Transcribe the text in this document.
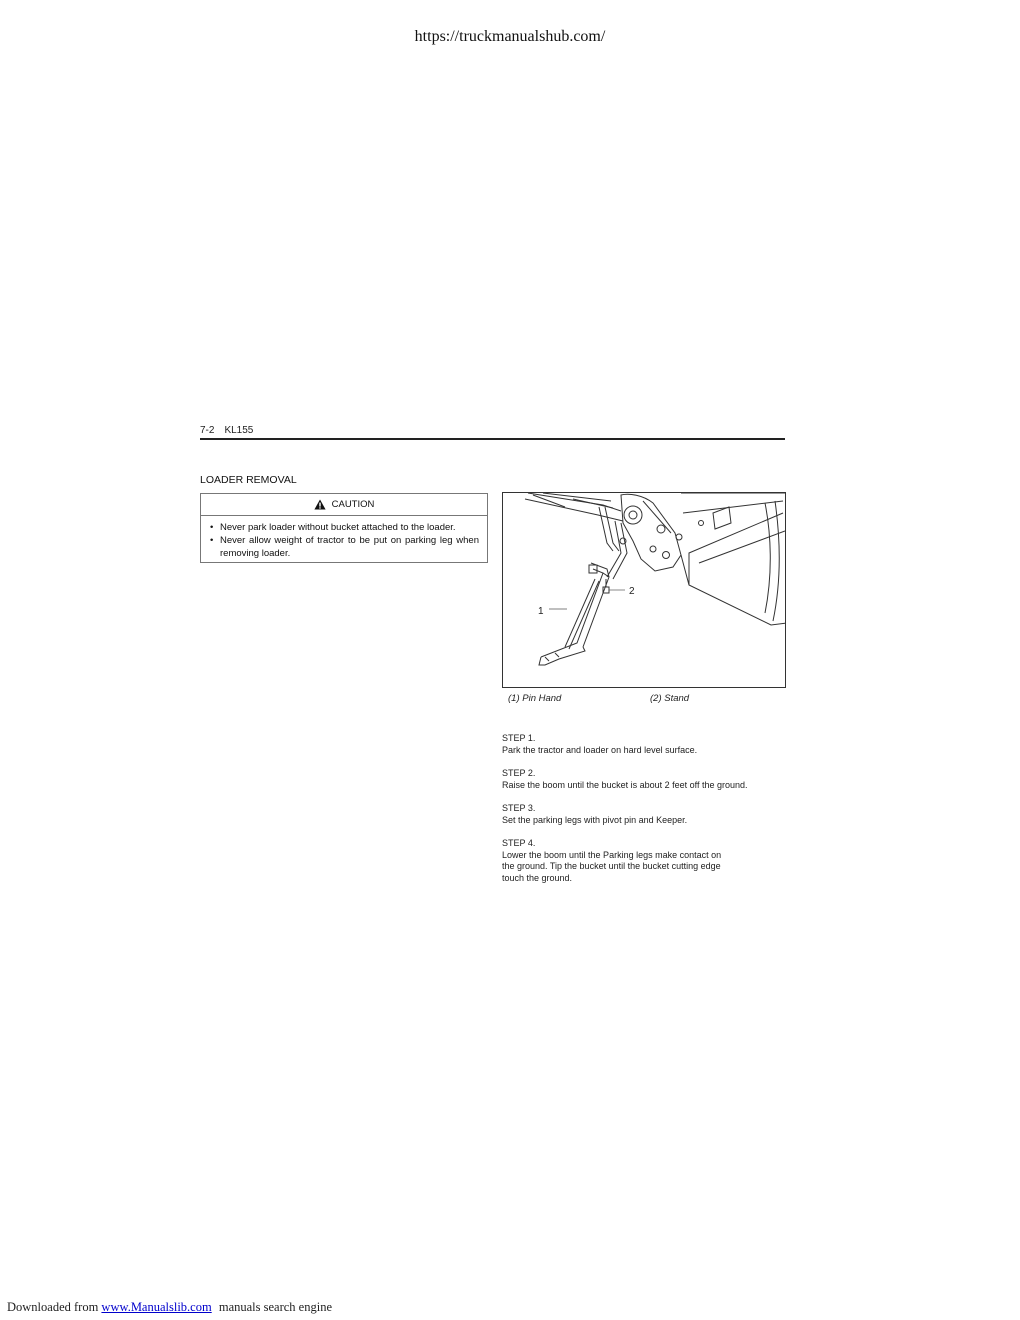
https://truckmanualshub.com/
7-2 KL155
LOADER REMOVAL
CAUTION
• Never park loader without bucket attached to the loader.
• Never allow weight of tractor to be put on parking leg when removing loader.
2
1
(1) Pin Hand	(2) Stand
STEP 1.
Park the tractor and loader on hard level surface.
STEP 2.
Raise the boom until the bucket is about 2 feet off the ground.
STEP 3.
Set the parking legs with pivot pin and Keeper.
STEP 4.
Lower the boom until the Parking legs make contact on
the ground. Tip the bucket until the bucket cutting edge
touch the ground.
Downloaded from www.Manualslib.com manuals search engine
